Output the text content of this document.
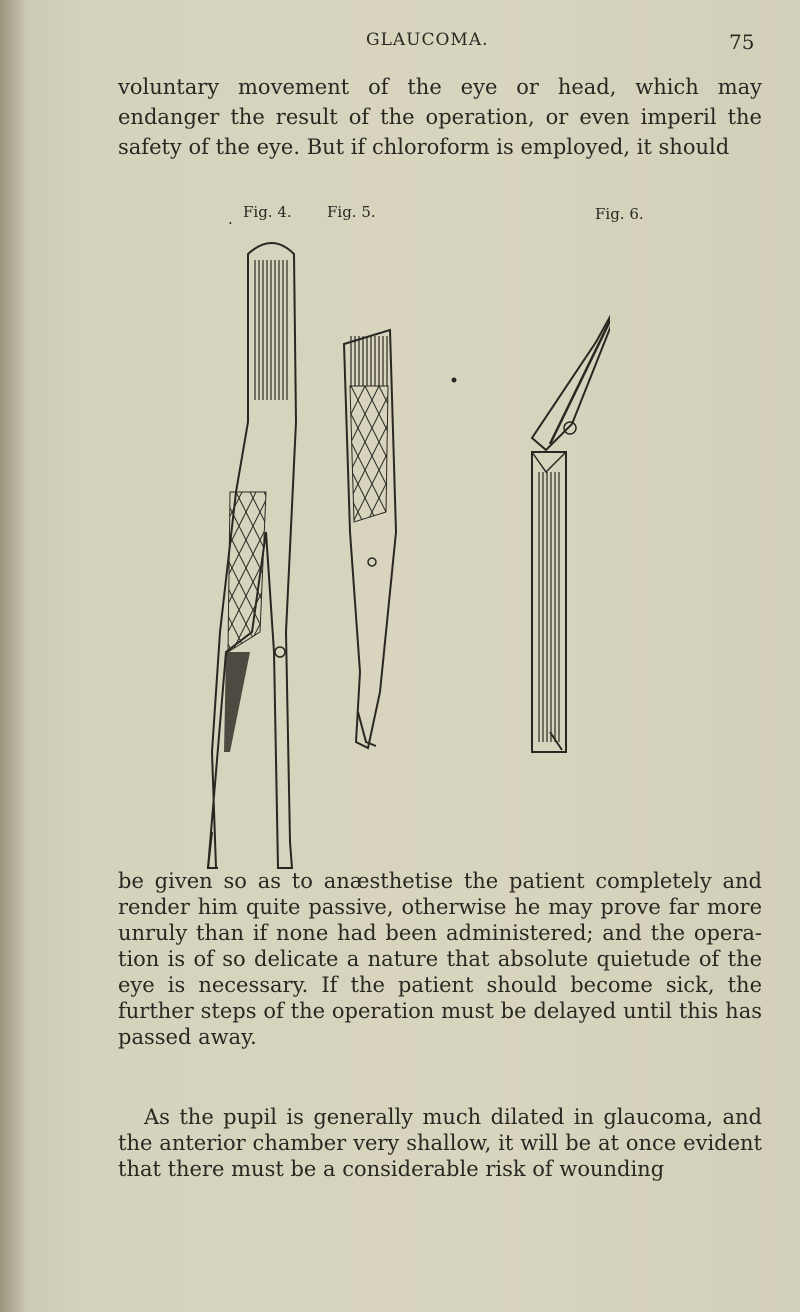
GLAUCOMA.	75

voluntary movement of the eye or head, which may endanger the result of the operation, or even imperil the safety of the eye. But if chloroform is employed, it should

. Fig. 4. Fig. 5.	Fig. 6.

be given so as to anæsthetise the patient completely and render him quite passive, otherwise he may prove far more unruly than if none had been administered; and the opera- tion is of so delicate a nature that absolute quietude of the eye is necessary. If the patient should become sick, the further steps of the operation must be delayed until this has passed away.

As the pupil is generally much dilated in glaucoma, and the anterior chamber very shallow, it will be at once evident that there must be a considerable risk of wounding
